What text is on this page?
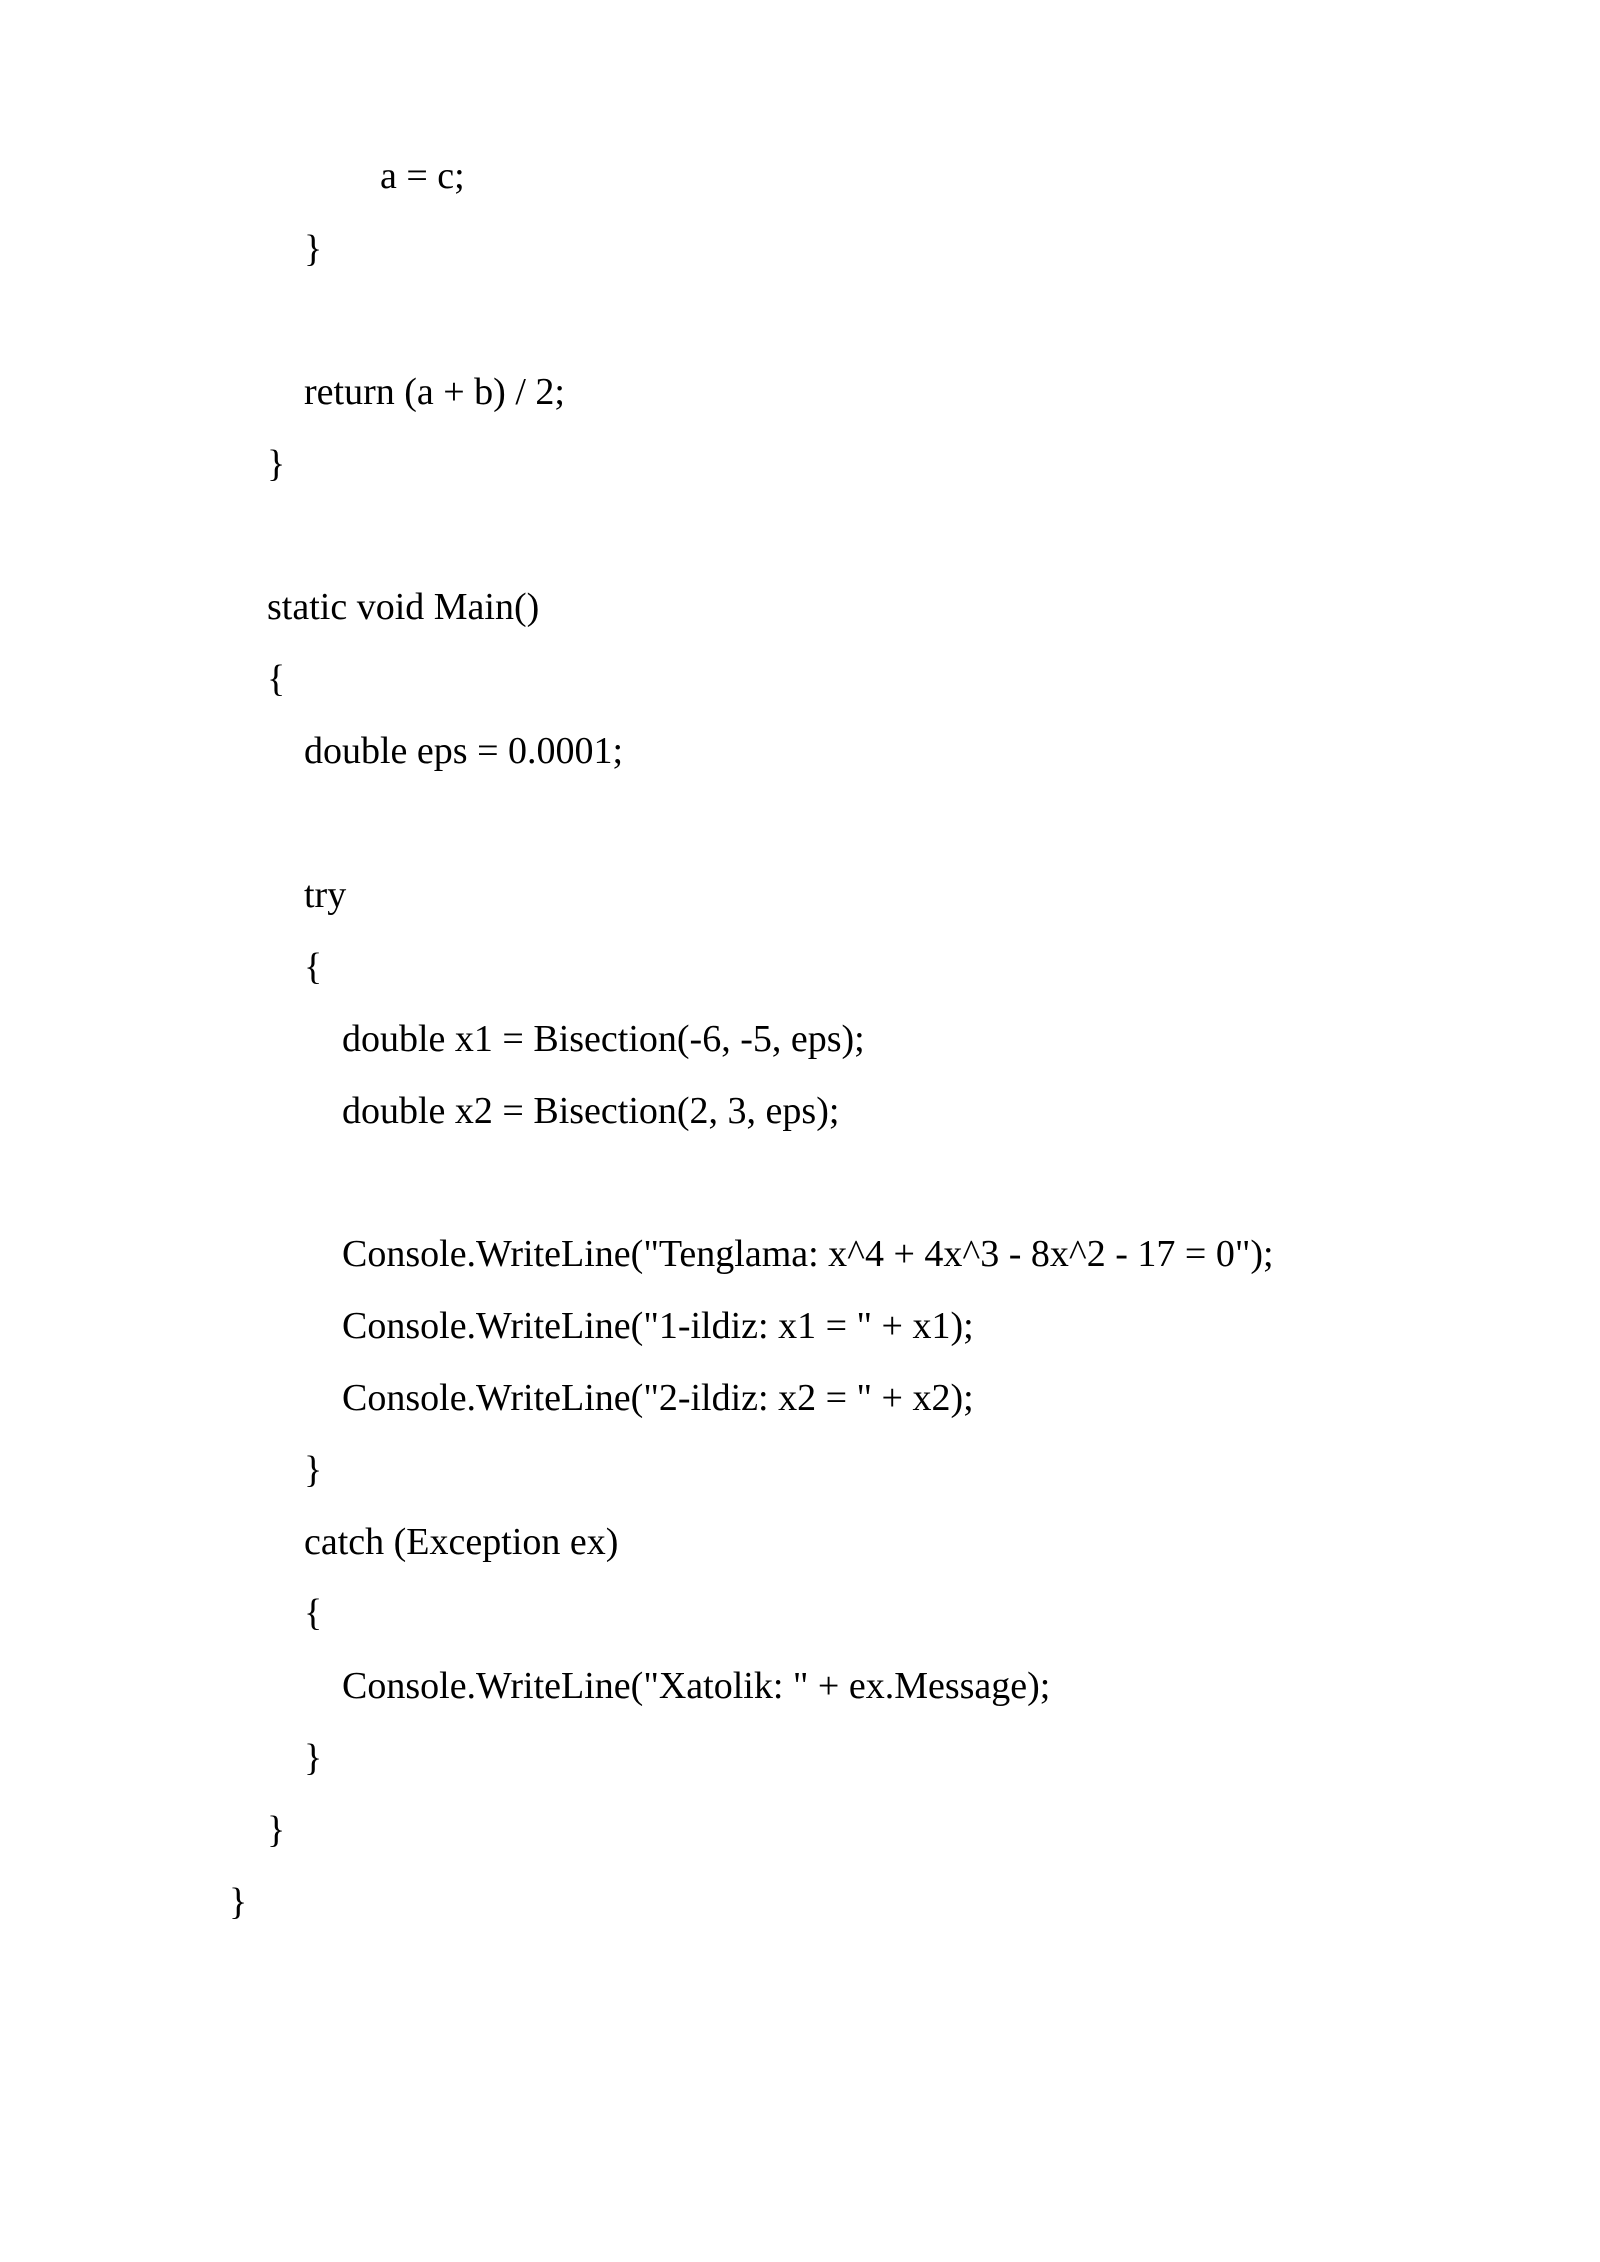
a = c;
}
return (a + b) / 2;
}
static void Main()
{
double eps = 0.0001;
try
{
double x1 = Bisection(-6, -5, eps);
double x2 = Bisection(2, 3, eps);
Console.WriteLine("Tenglama: x^4 + 4x^3 - 8x^2 - 17 = 0");
Console.WriteLine("1-ildiz: x1 = " + x1);
Console.WriteLine("2-ildiz: x2 = " + x2);
}
catch (Exception ex)
{
Console.WriteLine("Xatolik: " + ex.Message);
}
}
}
